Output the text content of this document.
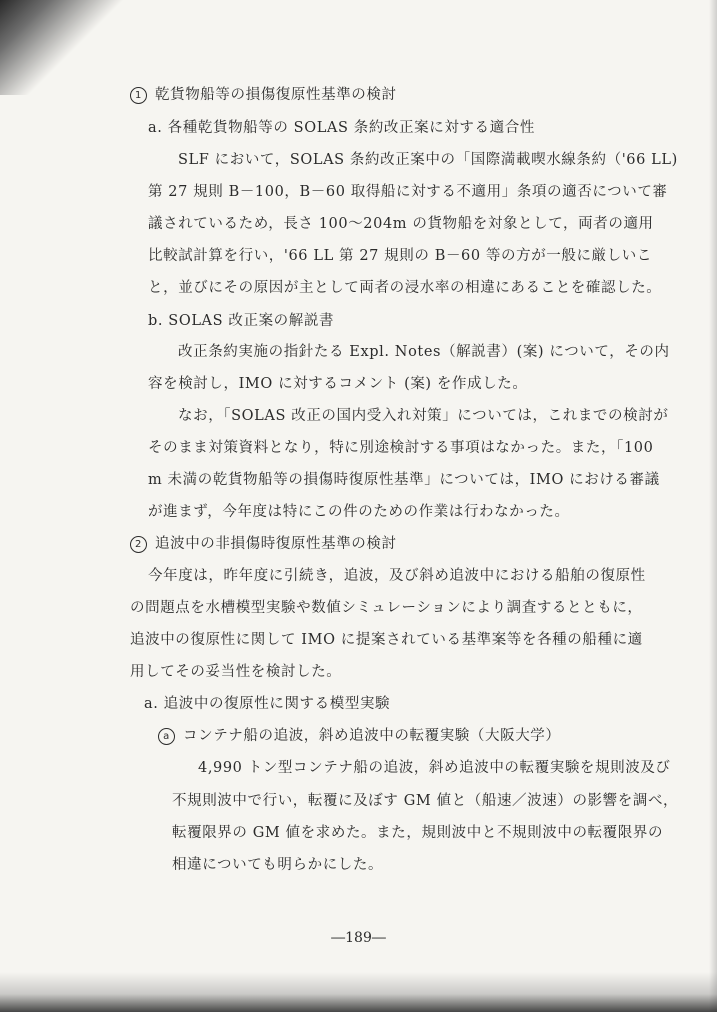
1 乾貨物船等の損傷復原性基準の検討
a. 各種乾貨物船等の SOLAS 条約改正案に対する適合性
SLF において，SOLAS 条約改正案中の「国際満載喫水線条約（'66 LL)
第 27 規則 B－100，B－60 取得船に対する不適用」条項の適否について審
議されているため，長さ 100～204m の貨物船を対象として，両者の適用
比較試計算を行い，'66 LL 第 27 規則の B－60 等の方が一般に厳しいこ
と，並びにその原因が主として両者の浸水率の相違にあることを確認した。
b. SOLAS 改正案の解説書
改正条約実施の指針たる Expl. Notes（解説書）(案) について，その内
容を検討し，IMO に対するコメント (案) を作成した。
なお，「SOLAS 改正の国内受入れ対策」については，これまでの検討が
そのまま対策資料となり，特に別途検討する事項はなかった。また，「100
m 未満の乾貨物船等の損傷時復原性基準」については，IMO における審議
が進まず，今年度は特にこの件のための作業は行わなかった。
2 追波中の非損傷時復原性基準の検討
今年度は，昨年度に引続き，追波，及び斜め追波中における船舶の復原性
の問題点を水槽模型実験や数値シミュレーションにより調査するとともに，
追波中の復原性に関して IMO に提案されている基準案等を各種の船種に適
用してその妥当性を検討した。
a. 追波中の復原性に関する模型実験
a コンテナ船の追波，斜め追波中の転覆実験（大阪大学）
4,990 トン型コンテナ船の追波，斜め追波中の転覆実験を規則波及び
不規則波中で行い，転覆に及ぼす GM 値と（船速／波速）の影響を調べ，
転覆限界の GM 値を求めた。また，規則波中と不規則波中の転覆限界の
相違についても明らかにした。
―189―
